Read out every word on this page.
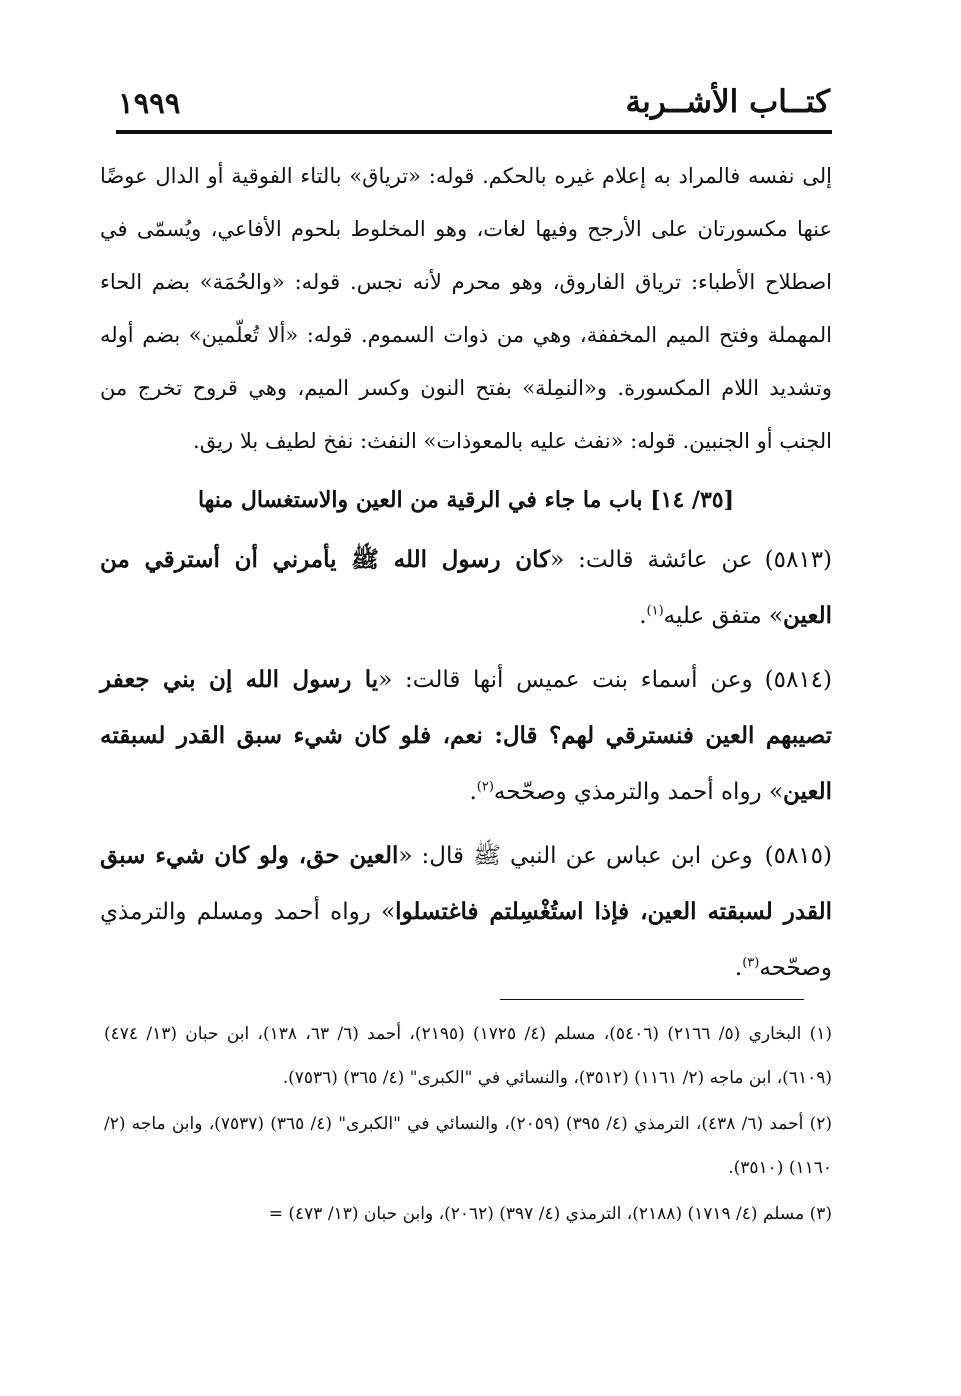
كتــاب الأشــربة
١٩٩٩

إلى نفسه فالمراد به إعلام غيره بالحكم. قوله: «ترياق» بالتاء الفوقية أو الدال عوضًا عنها مكسورتان على الأرجح وفيها لغات، وهو المخلوط بلحوم الأفاعي، ويُسمّى في اصطلاح الأطباء: ترياق الفاروق، وهو محرم لأنه نجس. قوله: «والحُمَة» بضم الحاء المهملة وفتح الميم المخففة، وهي من ذوات السموم. قوله: «ألا تُعلّمين» بضم أوله وتشديد اللام المكسورة. و«النمِلة» بفتح النون وكسر الميم، وهي قروح تخرج من الجنب أو الجنبين. قوله: «نفث عليه بالمعوذات» النفث: نفخ لطيف بلا ريق.

[٣٥/ ١٤] باب ما جاء في الرقية من العين والاستغسال منها

(٥٨١٣)عن عائشة قالت: «كان رسول الله ﷺ يأمرني أن أسترقي من العين» متفق عليه$^{(١)}$.

(٥٨١٤)وعن أسماء بنت عميس أنها قالت: «يا رسول الله إن بني جعفر تصيبهم العين فنسترقي لهم؟ قال: نعم، فلو كان شيء سبق القدر لسبقته العين» رواه أحمد والترمذي وصحّحه$^{(٢)}$.

(٥٨١٥)وعن ابن عباس عن النبي ﷺ قال: «العين حق، ولو كان شيء سبق القدر لسبقته العين، فإذا استُغْسِلتم فاغتسلوا» رواه أحمد ومسلم والترمذي وصحّحه$^{(٣)}$.

(١) البخاري (٥/ ٢١٦٦) (٥٤٠٦)، مسلم (٤/ ١٧٢٥) (٢١٩٥)، أحمد (٦/ ٦٣، ١٣٨)، ابن حبان (١٣/ ٤٧٤) (٦١٠٩)، ابن ماجه (٢/ ١١٦١) (٣٥١٢)، والنسائي في "الكبرى" (٤/ ٣٦٥) (٧٥٣٦).

(٢) أحمد (٦/ ٤٣٨)، الترمذي (٤/ ٣٩٥) (٢٠٥٩)، والنسائي في "الكبرى" (٤/ ٣٦٥) (٧٥٣٧)، وابن ماجه (٢/ ١١٦٠) (٣٥١٠).

(٣) مسلم (٤/ ١٧١٩) (٢١٨٨)، الترمذي (٤/ ٣٩٧) (٢٠٦٢)، وابن حبان (١٣/ ٤٧٣) =
